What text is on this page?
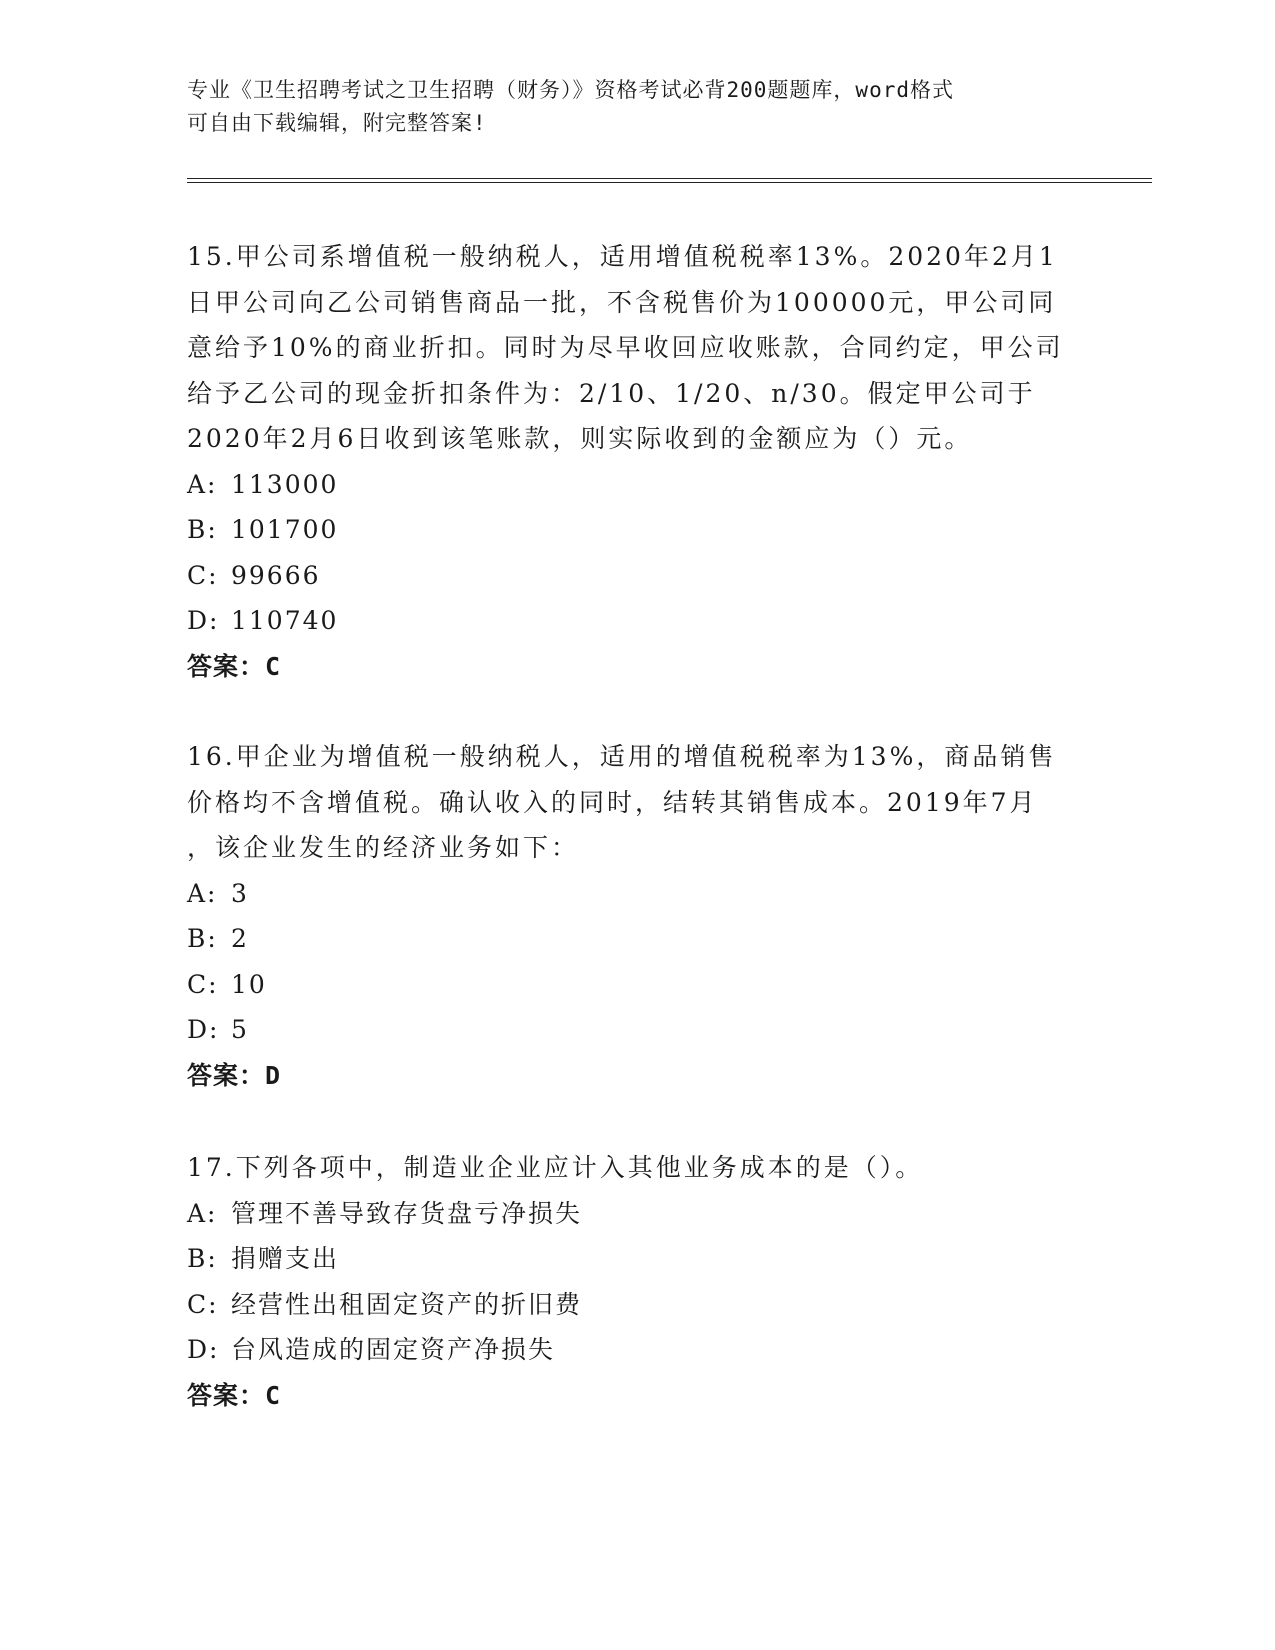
专业《卫生招聘考试之卫生招聘（财务）》资格考试必背200题题库，word格式
可自由下载编辑，附完整答案!
15.甲公司系增值税一般纳税人，适用增值税税率13%。2020年2月1
日甲公司向乙公司销售商品一批，不含税售价为100000元，甲公司同
意给予10%的商业折扣。同时为尽早收回应收账款，合同约定，甲公司
给予乙公司的现金折扣条件为：2/10、1/20、n/30。假定甲公司于
2020年2月6日收到该笔账款，则实际收到的金额应为（）元。
A: 113000
B: 101700
C: 99666
D: 110740
答案：C
16.甲企业为增值税一般纳税人，适用的增值税税率为13%，商品销售
价格均不含增值税。确认收入的同时，结转其销售成本。2019年7月
，该企业发生的经济业务如下：
A: 3
B: 2
C: 10
D: 5
答案：D
17.下列各项中，制造业企业应计入其他业务成本的是（）。
A: 管理不善导致存货盘亏净损失
B: 捐赠支出
C: 经营性出租固定资产的折旧费
D: 台风造成的固定资产净损失
答案：C
